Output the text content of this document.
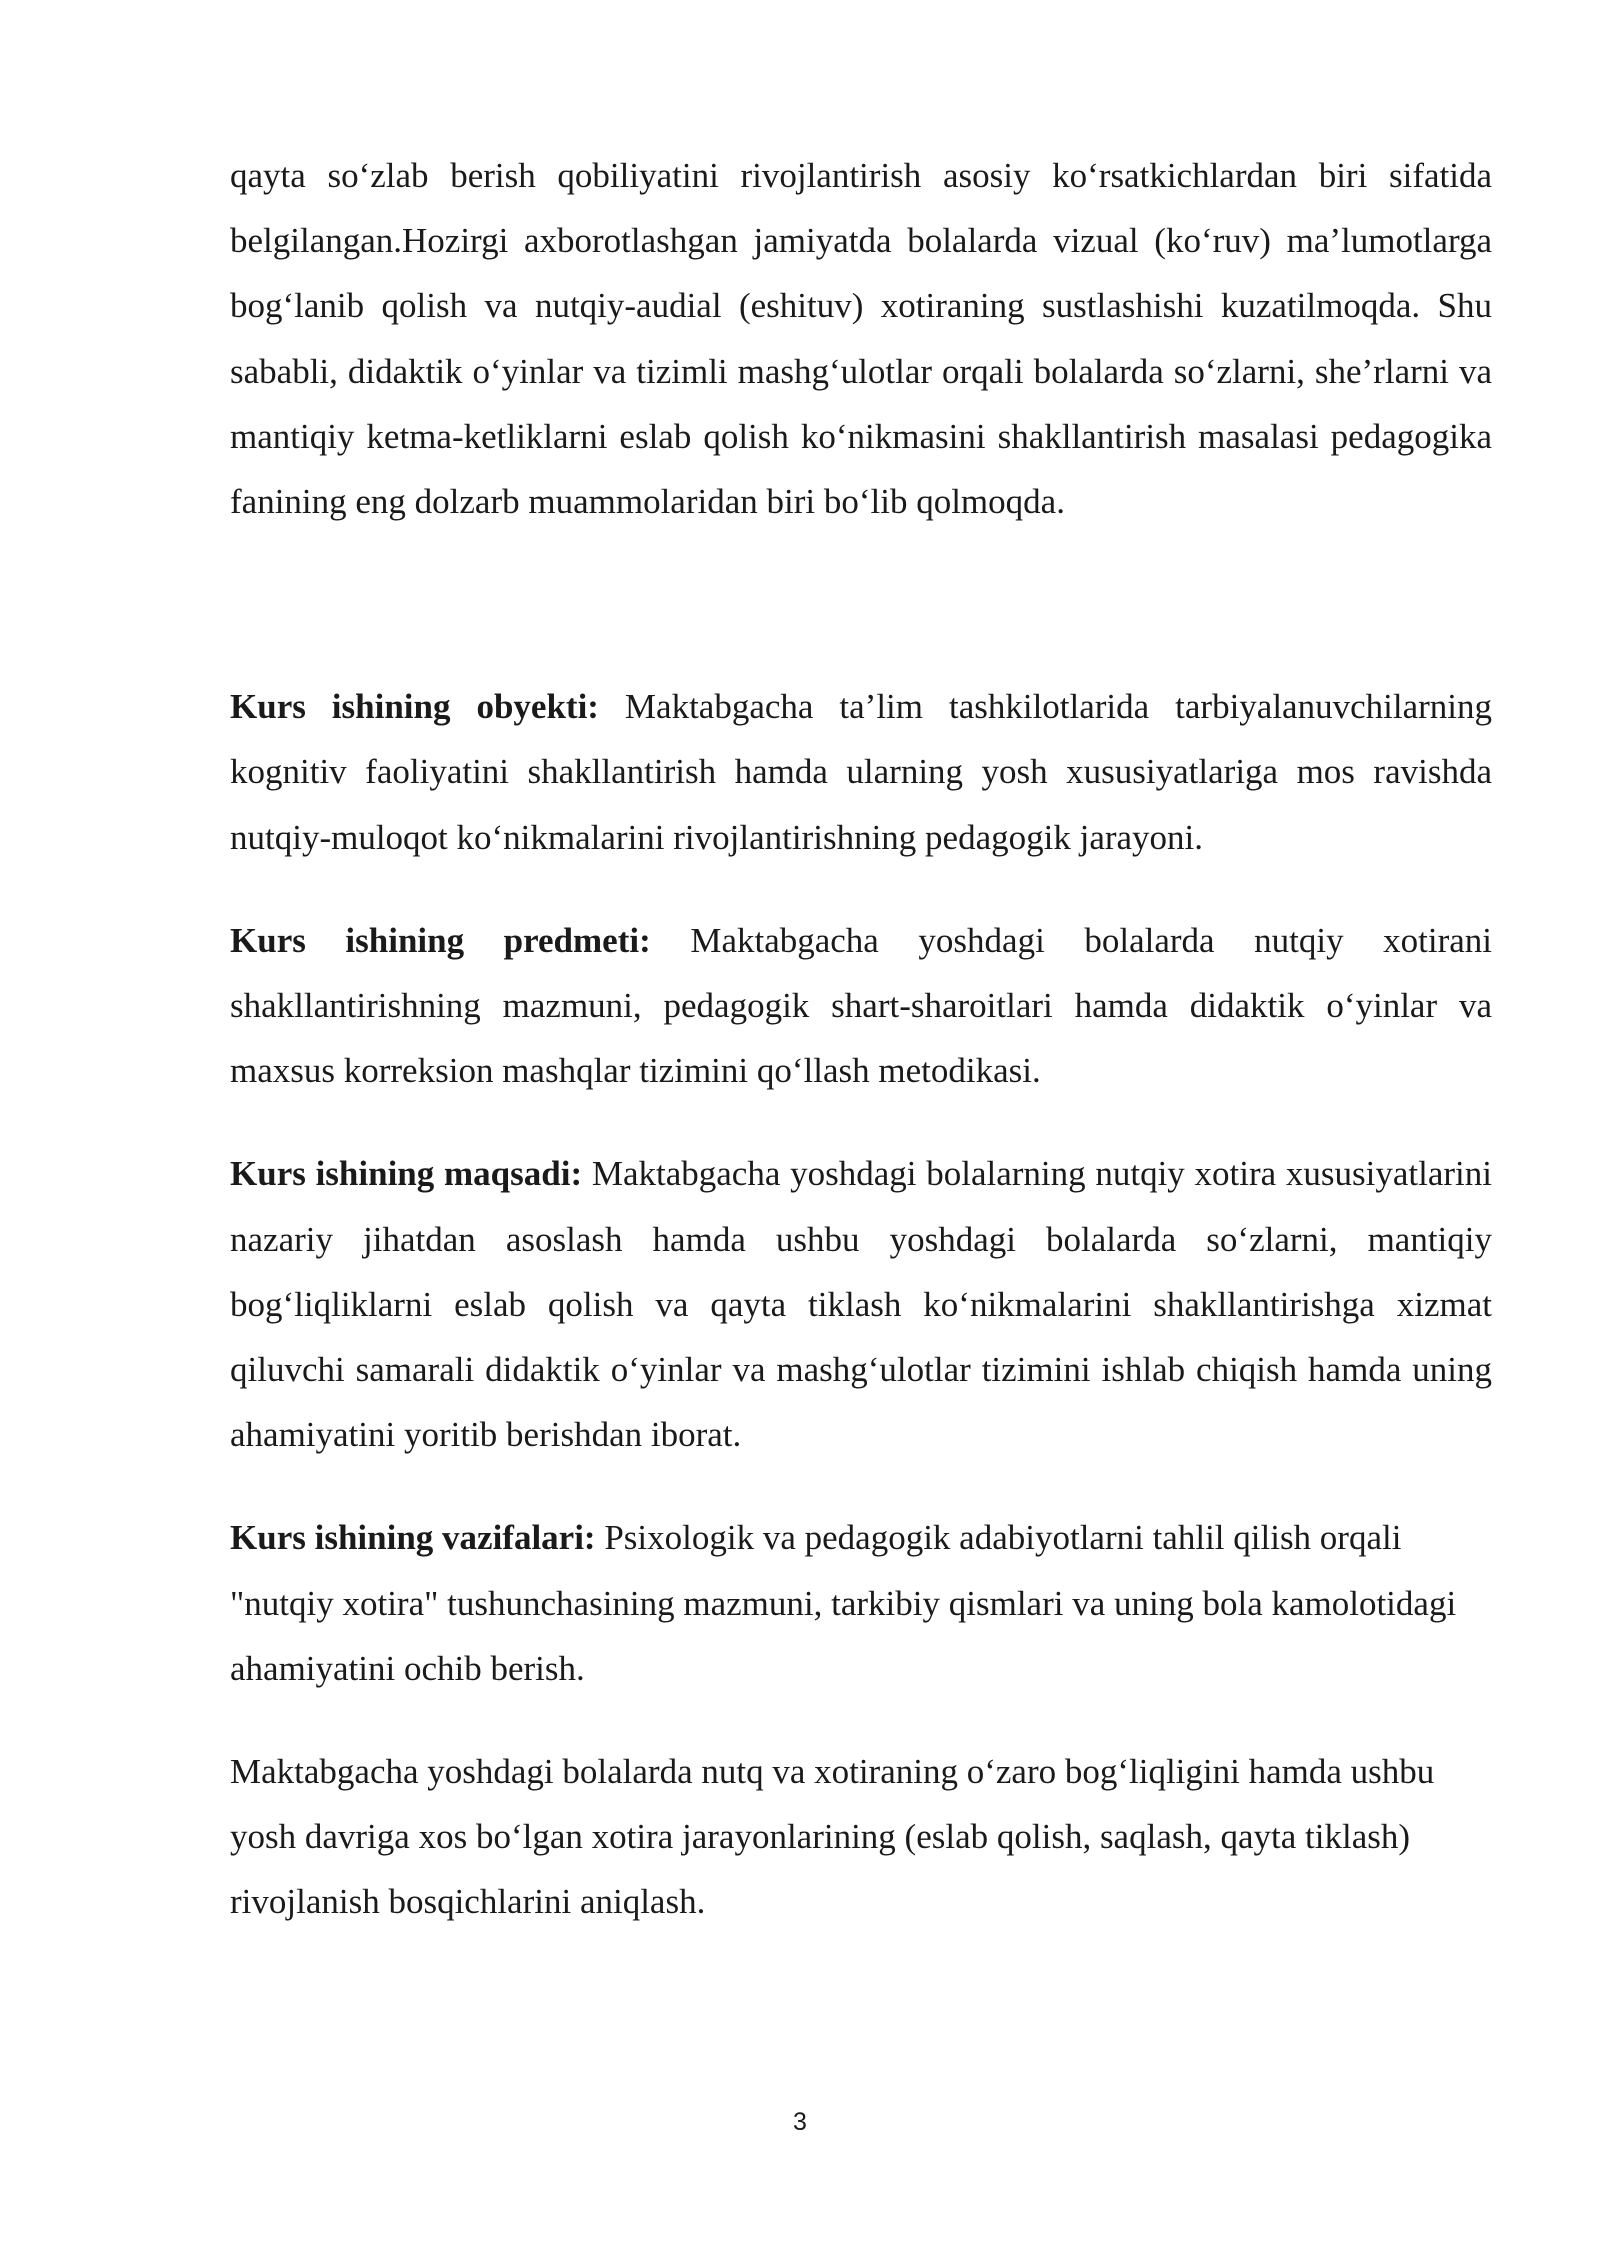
qayta so‘zlab berish qobiliyatini rivojlantirish asosiy ko‘rsatkichlardan biri sifatida belgilangan.Hozirgi axborotlashgan jamiyatda bolalarda vizual (ko‘ruv) ma’lumotlarga bog‘lanib qolish va nutqiy-audial (eshituv) xotiraning sustlashishi kuzatilmoqda. Shu sababli, didaktik o‘yinlar va tizimli mashg‘ulotlar orqali bolalarda so‘zlarni, she’rlarni va mantiqiy ketma-ketliklarni eslab qolish ko‘nikmasini shakllantirish masalasi pedagogika fanining eng dolzarb muammolaridan biri bo‘lib qolmoqda.

Kurs ishining obyekti: Maktabgacha ta’lim tashkilotlarida tarbiyalanuvchilarning kognitiv faoliyatini shakllantirish hamda ularning yosh xususiyatlariga mos ravishda nutqiy-muloqot ko‘nikmalarini rivojlantirishning pedagogik jarayoni.

Kurs ishining predmeti: Maktabgacha yoshdagi bolalarda nutqiy xotirani shakllantirishning mazmuni, pedagogik shart-sharoitlari hamda didaktik o‘yinlar va maxsus korreksion mashqlar tizimini qo‘llash metodikasi.

Kurs ishining maqsadi: Maktabgacha yoshdagi bolalarning nutqiy xotira xususiyatlarini nazariy jihatdan asoslash hamda ushbu yoshdagi bolalarda so‘zlarni, mantiqiy bog‘liqliklarni eslab qolish va qayta tiklash ko‘nikmalarini shakllantirishga xizmat qiluvchi samarali didaktik o‘yinlar va mashg‘ulotlar tizimini ishlab chiqish hamda uning ahamiyatini yoritib berishdan iborat.

Kurs ishining vazifalari: Psixologik va pedagogik adabiyotlarni tahlil qilish orqali "nutqiy xotira" tushunchasining mazmuni, tarkibiy qismlari va uning bola kamolotidagi ahamiyatini ochib berish.

Maktabgacha yoshdagi bolalarda nutq va xotiraning o‘zaro bog‘liqligini hamda ushbu yosh davriga xos bo‘lgan xotira jarayonlarining (eslab qolish, saqlash, qayta tiklash) rivojlanish bosqichlarini aniqlash.

3
